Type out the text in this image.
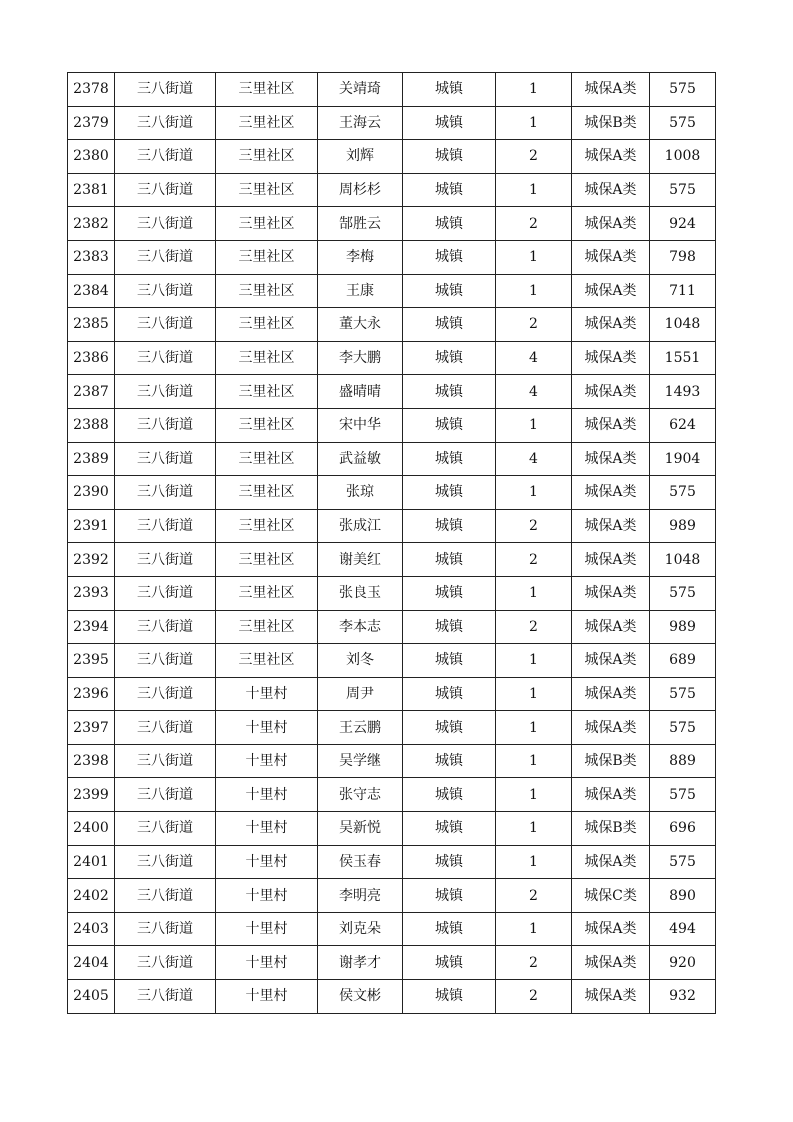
2378	三八街道	三里社区	关靖琦	城镇	1	城保A类	575
2379	三八街道	三里社区	王海云	城镇	1	城保B类	575
2380	三八街道	三里社区	刘辉	城镇	2	城保A类	1008
2381	三八街道	三里社区	周杉杉	城镇	1	城保A类	575
2382	三八街道	三里社区	郜胜云	城镇	2	城保A类	924
2383	三八街道	三里社区	李梅	城镇	1	城保A类	798
2384	三八街道	三里社区	王康	城镇	1	城保A类	711
2385	三八街道	三里社区	董大永	城镇	2	城保A类	1048
2386	三八街道	三里社区	李大鹏	城镇	4	城保A类	1551
2387	三八街道	三里社区	盛晴晴	城镇	4	城保A类	1493
2388	三八街道	三里社区	宋中华	城镇	1	城保A类	624
2389	三八街道	三里社区	武益敏	城镇	4	城保A类	1904
2390	三八街道	三里社区	张琼	城镇	1	城保A类	575
2391	三八街道	三里社区	张成江	城镇	2	城保A类	989
2392	三八街道	三里社区	谢美红	城镇	2	城保A类	1048
2393	三八街道	三里社区	张良玉	城镇	1	城保A类	575
2394	三八街道	三里社区	李本志	城镇	2	城保A类	989
2395	三八街道	三里社区	刘冬	城镇	1	城保A类	689
2396	三八街道	十里村	周尹	城镇	1	城保A类	575
2397	三八街道	十里村	王云鹏	城镇	1	城保A类	575
2398	三八街道	十里村	吴学继	城镇	1	城保B类	889
2399	三八街道	十里村	张守志	城镇	1	城保A类	575
2400	三八街道	十里村	吴新悦	城镇	1	城保B类	696
2401	三八街道	十里村	侯玉春	城镇	1	城保A类	575
2402	三八街道	十里村	李明亮	城镇	2	城保C类	890
2403	三八街道	十里村	刘克朵	城镇	1	城保A类	494
2404	三八街道	十里村	谢孝才	城镇	2	城保A类	920
2405	三八街道	十里村	侯文彬	城镇	2	城保A类	932
